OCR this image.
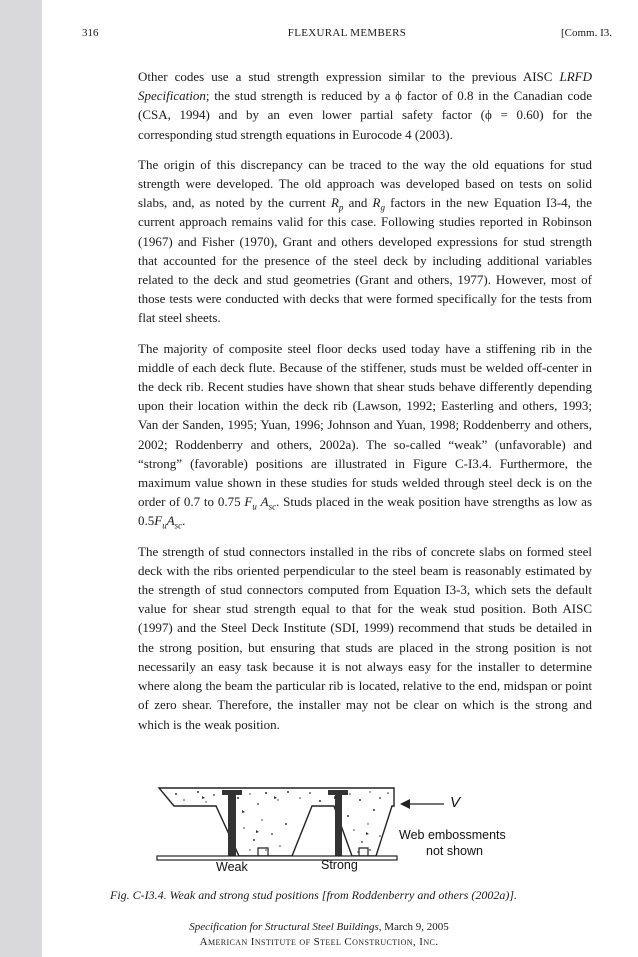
316	FLEXURAL MEMBERS	[Comm. I3.

Other codes use a stud strength expression similar to the previous AISC LRFD Specification; the stud strength is reduced by a ϕ factor of 0.8 in the Canadian code (CSA, 1994) and by an even lower partial safety factor (ϕ = 0.60) for the corresponding stud strength equations in Eurocode 4 (2003).

The origin of this discrepancy can be traced to the way the old equations for stud strength were developed. The old approach was developed based on tests on solid slabs, and, as noted by the current $R_p$ and $R_g$ factors in the new Equation I3-4, the current approach remains valid for this case. Following studies reported in Robinson (1967) and Fisher (1970), Grant and others developed expressions for stud strength that accounted for the presence of the steel deck by including additional variables related to the deck and stud geometries (Grant and others, 1977). However, most of those tests were conducted with decks that were formed specifically for the tests from flat steel sheets.

The majority of composite steel floor decks used today have a stiffening rib in the middle of each deck flute. Because of the stiffener, studs must be welded off-center in the deck rib. Recent studies have shown that shear studs behave differently depending upon their location within the deck rib (Lawson, 1992; Easterling and others, 1993; Van der Sanden, 1995; Yuan, 1996; Johnson and Yuan, 1998; Roddenberry and others, 2002; Roddenberry and others, 2002a). The so-called “weak” (unfavorable) and “strong” (favorable) positions are illustrated in Figure C-I3.4. Furthermore, the maximum value shown in these studies for studs welded through steel deck is on the order of 0.7 to 0.75 $F_u$ $A_{sc}$. Studs placed in the weak position have strengths as low as $0.5F_uA_{sc}$.

The strength of stud connectors installed in the ribs of concrete slabs on formed steel deck with the ribs oriented perpendicular to the steel beam is reasonably estimated by the strength of stud connectors computed from Equation I3-3, which sets the default value for shear stud strength equal to that for the weak stud position. Both AISC (1997) and the Steel Deck Institute (SDI, 1999) recommend that studs be detailed in the strong position, but ensuring that studs are placed in the strong position is not necessarily an easy task because it is not always easy for the installer to determine where along the beam the particular rib is located, relative to the end, midspan or point of zero shear. Therefore, the installer may not be clear on which is the strong and which is the weak position.

V
Web embossments
not shown
Weak	Strong
Fig. C-I3.4. Weak and strong stud positions [from Roddenberry and others (2002a)].
Specification for Structural Steel Buildings, March 9, 2005
American Institute of Steel Construction, Inc.
